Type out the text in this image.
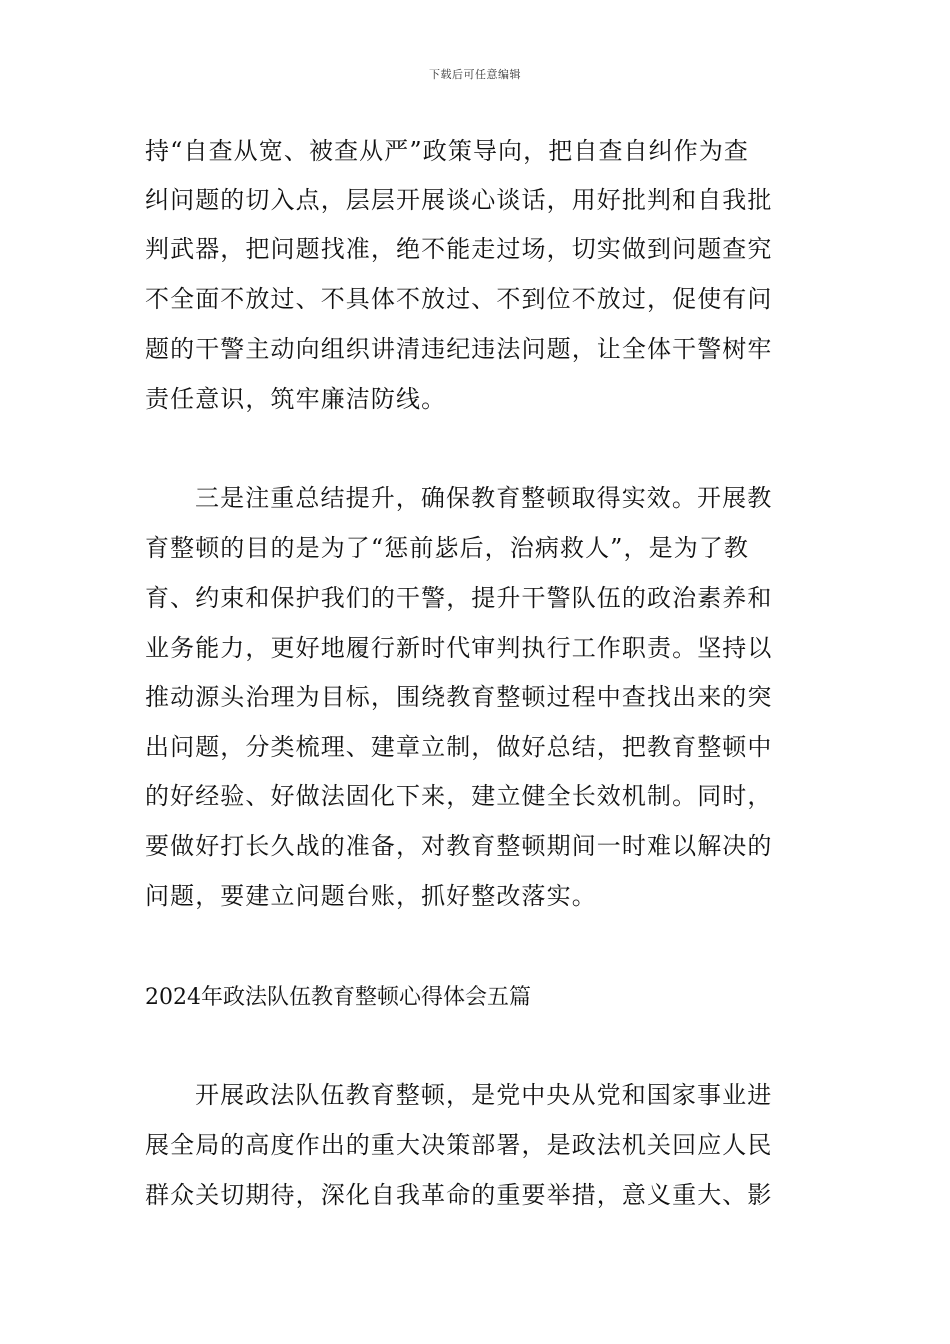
下载后可任意编辑
持“自查从宽、被查从严”政策导向，把自查自纠作为查
纠问题的切入点，层层开展谈心谈话，用好批判和自我批
判武器，把问题找准，绝不能走过场，切实做到问题查究
不全面不放过、不具体不放过、不到位不放过，促使有问
题的干警主动向组织讲清违纪违法问题，让全体干警树牢
责任意识，筑牢廉洁防线。
三是注重总结提升，确保教育整顿取得实效。开展教
育整顿的目的是为了“惩前毖后，治病救人”，是为了教
育、约束和保护我们的干警，提升干警队伍的政治素养和
业务能力，更好地履行新时代审判执行工作职责。坚持以
推动源头治理为目标，围绕教育整顿过程中查找出来的突
出问题，分类梳理、建章立制，做好总结，把教育整顿中
的好经验、好做法固化下来，建立健全长效机制。同时，
要做好打长久战的准备，对教育整顿期间一时难以解决的
问题，要建立问题台账，抓好整改落实。
2024年政法队伍教育整顿心得体会五篇
开展政法队伍教育整顿，是党中央从党和国家事业进
展全局的高度作出的重大决策部署，是政法机关回应人民
群众关切期待，深化自我革命的重要举措，意义重大、影
